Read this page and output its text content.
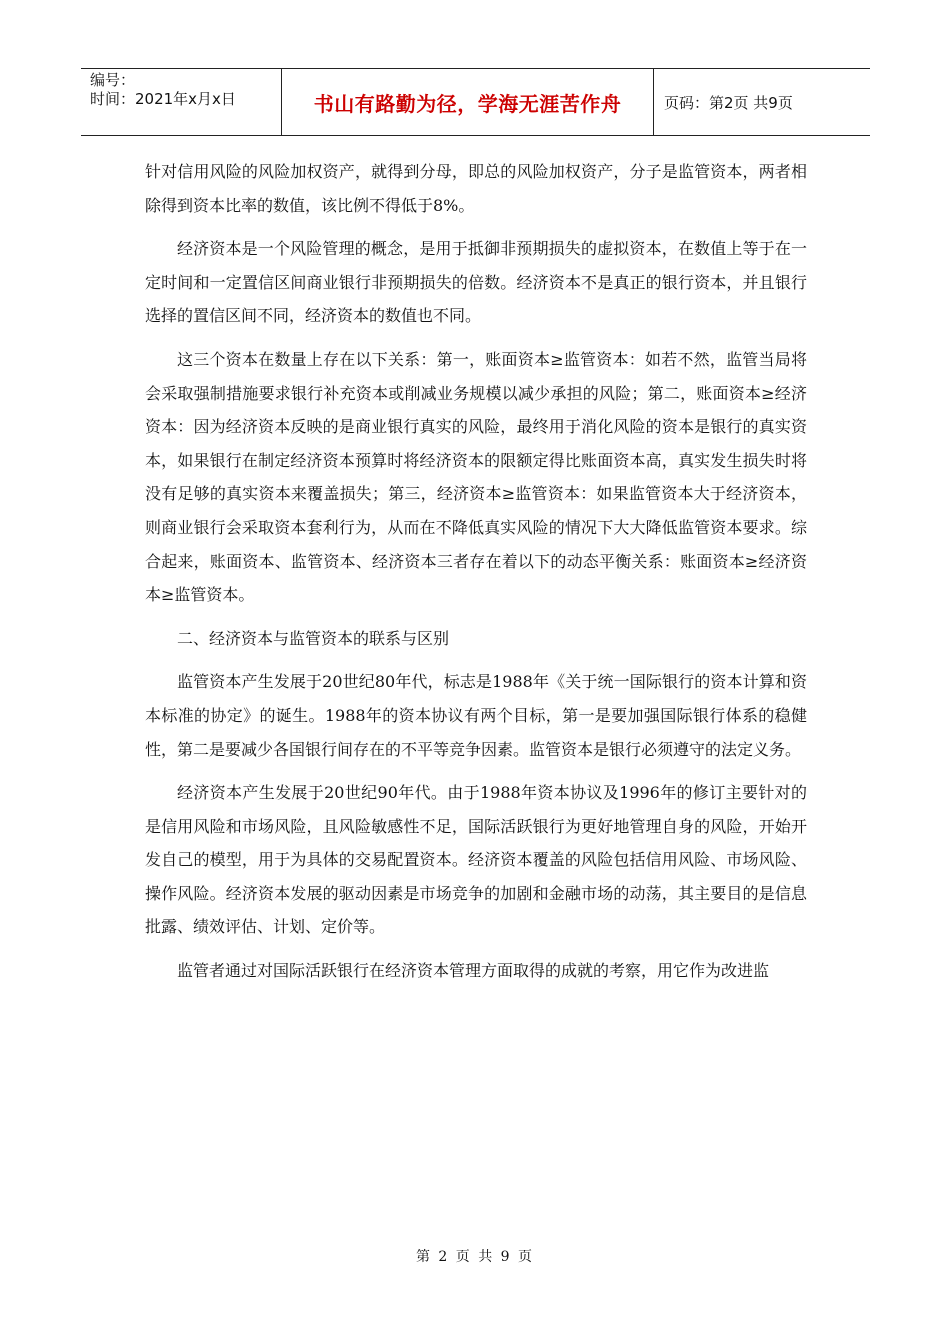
编号：
时间：2021年x月x日	书山有路勤为径，学海无涯苦作舟	页码：第2页 共9页

针对信用风险的风险加权资产，就得到分母，即总的风险加权资产，分子是监管资本，两者相除得到资本比率的数值，该比例不得低于8%。

经济资本是一个风险管理的概念，是用于抵御非预期损失的虚拟资本，在数值上等于在一定时间和一定置信区间商业银行非预期损失的倍数。经济资本不是真正的银行资本，并且银行选择的置信区间不同，经济资本的数值也不同。

这三个资本在数量上存在以下关系：第一，账面资本≥监管资本：如若不然，监管当局将会采取强制措施要求银行补充资本或削减业务规模以减少承担的风险；第二，账面资本≥经济资本：因为经济资本反映的是商业银行真实的风险，最终用于消化风险的资本是银行的真实资本，如果银行在制定经济资本预算时将经济资本的限额定得比账面资本高，真实发生损失时将没有足够的真实资本来覆盖损失；第三，经济资本≥监管资本：如果监管资本大于经济资本，则商业银行会采取资本套利行为，从而在不降低真实风险的情况下大大降低监管资本要求。综合起来，账面资本、监管资本、经济资本三者存在着以下的动态平衡关系：账面资本≥经济资本≥监管资本。

二、经济资本与监管资本的联系与区别

监管资本产生发展于20世纪80年代，标志是1988年《关于统一国际银行的资本计算和资本标准的协定》的诞生。1988年的资本协议有两个目标，第一是要加强国际银行体系的稳健性，第二是要减少各国银行间存在的不平等竞争因素。监管资本是银行必须遵守的法定义务。

经济资本产生发展于20世纪90年代。由于1988年资本协议及1996年的修订主要针对的是信用风险和市场风险，且风险敏感性不足，国际活跃银行为更好地管理自身的风险，开始开发自己的模型，用于为具体的交易配置资本。经济资本覆盖的风险包括信用风险、市场风险、操作风险。经济资本发展的驱动因素是市场竞争的加剧和金融市场的动荡，其主要目的是信息批露、绩效评估、计划、定价等。

监管者通过对国际活跃银行在经济资本管理方面取得的成就的考察，用它作为改进监

第 2 页 共 9 页
